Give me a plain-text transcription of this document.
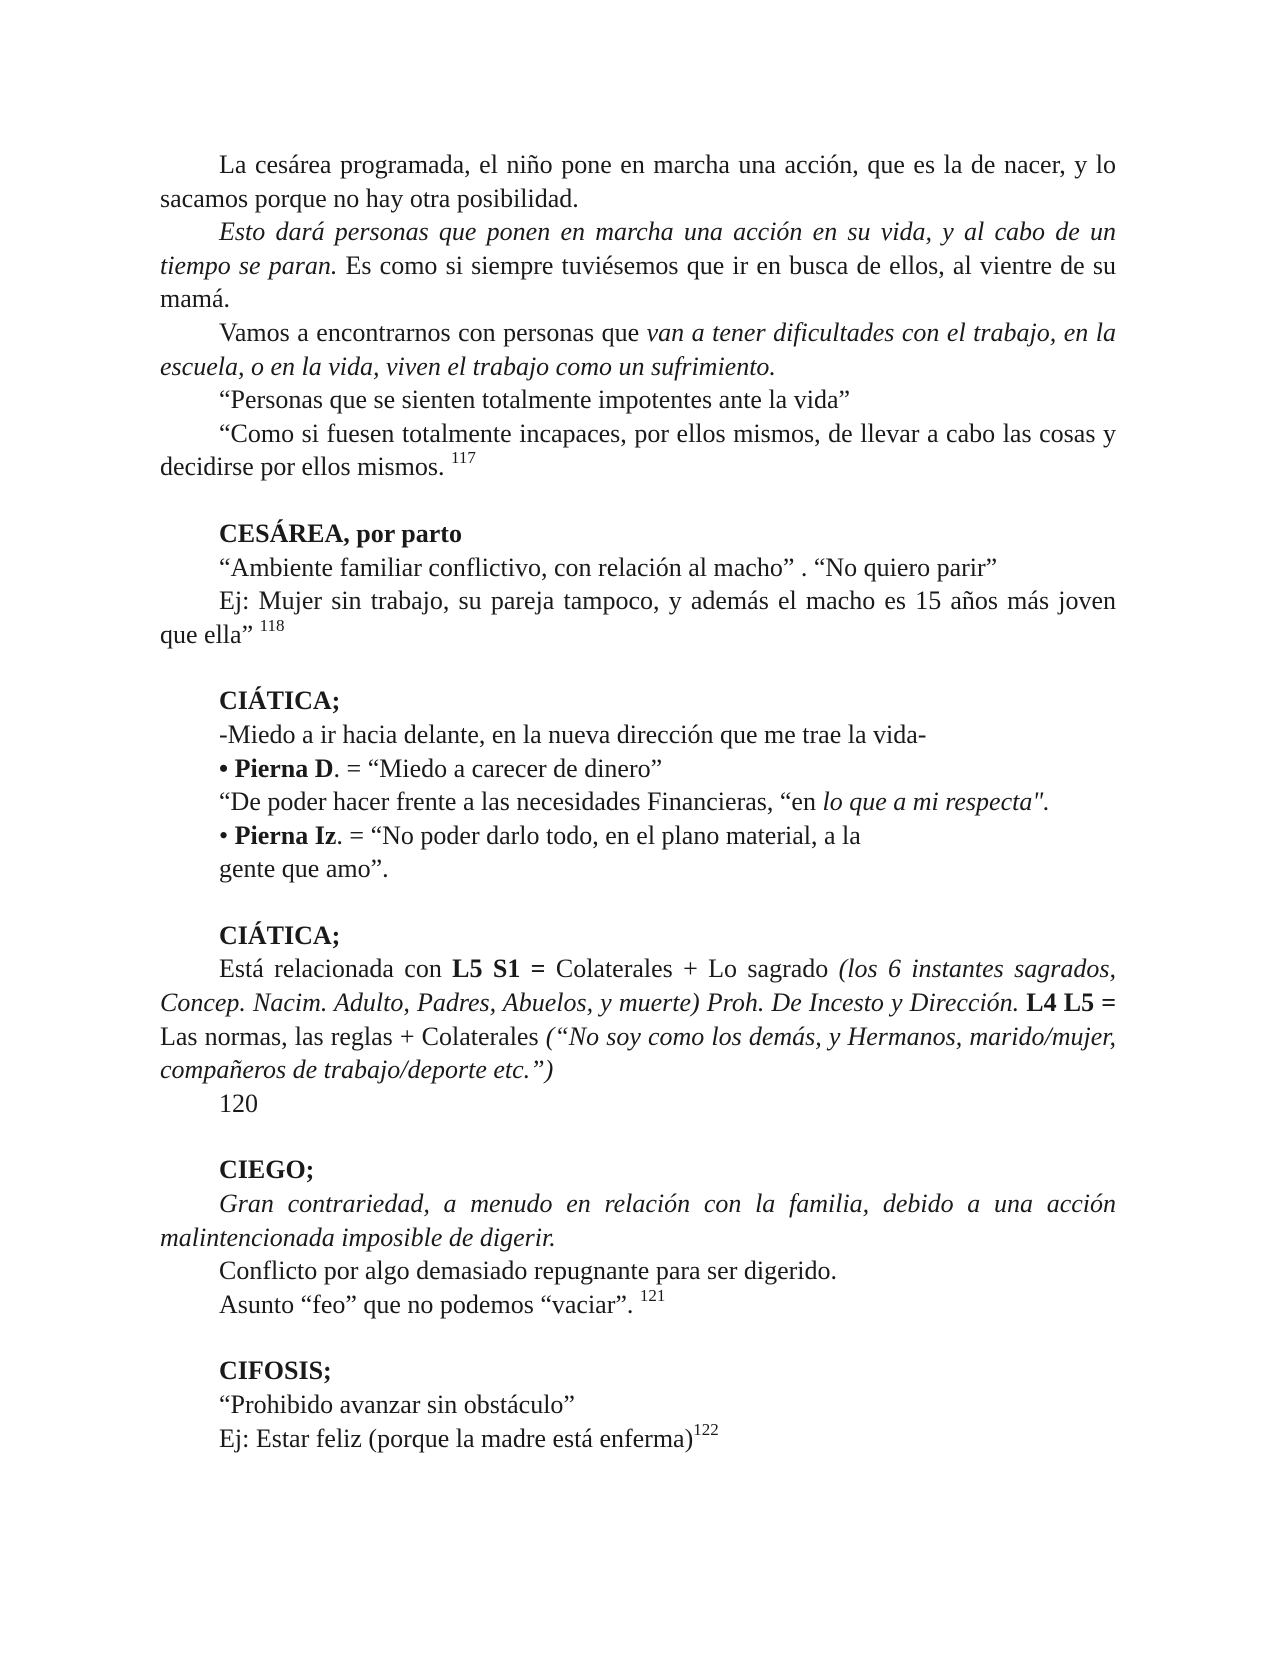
La cesárea programada, el niño pone en marcha una acción, que es la de nacer, y lo sacamos porque no hay otra posibilidad.

Esto dará personas que ponen en marcha una acción en su vida, y al cabo de un tiempo se paran. Es como si siempre tuviésemos que ir en busca de ellos, al vientre de su mamá.

Vamos a encontrarnos con personas que van a tener dificultades con el trabajo, en la escuela, o en la vida, viven el trabajo como un sufrimiento.

“Personas que se sienten totalmente impotentes ante la vida”

“Como si fuesen totalmente incapaces, por ellos mismos, de llevar a cabo las cosas y decidirse por ellos mismos. $^{117}$

CESÁREA, por parto

“Ambiente familiar conflictivo, con relación al macho” . “No quiero parir”

Ej: Mujer sin trabajo, su pareja tampoco, y además el macho es 15 años más joven que ella” $^{118}$

CIÁTICA;

-Miedo a ir hacia delante, en la nueva dirección que me trae la vida-

• Pierna D. = “Miedo a carecer de dinero”

“De poder hacer frente a las necesidades Financieras, “en lo que a mi respecta".

• Pierna Iz. = “No poder darlo todo, en el plano material, a la

gente que amo”.

CIÁTICA;

Está relacionada con L5 S1 = Colaterales + Lo sagrado (los 6 instantes sagrados, Concep. Nacim. Adulto, Padres, Abuelos, y muerte) Proh. De Incesto y Dirección. L4 L5 = Las normas, las reglas + Colaterales (“No soy como los demás, y Hermanos, marido/mujer, compañeros de trabajo/deporte etc.”)

120

CIEGO;

Gran contrariedad, a menudo en relación con la familia, debido a una acción malintencionada imposible de digerir.

Conflicto por algo demasiado repugnante para ser digerido.

Asunto “feo” que no podemos “vaciar”. $^{121}$

CIFOSIS;

“Prohibido avanzar sin obstáculo”

Ej: Estar feliz (porque la madre está enferma)$^{122}$
